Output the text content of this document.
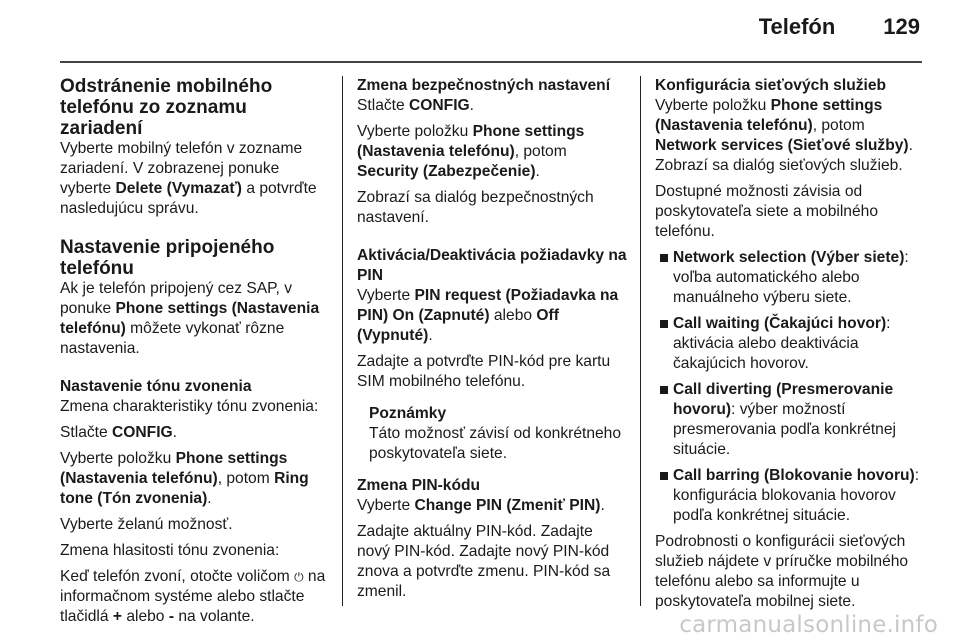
Telefón 129
Odstránenie mobilného telefónu zo zoznamu zariadení

Vyberte mobilný telefón v zozname zariadení. V zobrazenej ponuke vyberte Delete (Vymazať) a potvrďte nasledujúcu správu.

Nastavenie pripojeného telefónu

Ak je telefón pripojený cez SAP, v ponuke Phone settings (Nastavenia telefónu) môžete vykonať rôzne nastavenia.

Nastavenie tónu zvonenia

Zmena charakteristiky tónu zvonenia:

Stlačte CONFIG.

Vyberte položku Phone settings (Nastavenia telefónu), potom Ring tone (Tón zvonenia).

Vyberte želanú možnosť.

Zmena hlasitosti tónu zvonenia:

Keď telefón zvoní, otočte voličom ⏻ na informačnom systéme alebo stlačte tlačidlá + alebo - na volante.

Zmena bezpečnostných nastavení

Stlačte CONFIG.

Vyberte položku Phone settings (Nastavenia telefónu), potom Security (Zabezpečenie).

Zobrazí sa dialóg bezpečnostných nastavení.

Aktivácia/Deaktivácia požiadavky na PIN

Vyberte PIN request (Požiadavka na PIN) On (Zapnuté) alebo Off (Vypnuté).

Zadajte a potvrďte PIN-kód pre kartu SIM mobilného telefónu.

Poznámky

Táto možnosť závisí od konkrétneho poskytovateľa siete.

Zmena PIN-kódu

Vyberte Change PIN (Zmeniť PIN).

Zadajte aktuálny PIN-kód. Zadajte nový PIN-kód. Zadajte nový PIN-kód znova a potvrďte zmenu. PIN-kód sa zmenil.

Konfigurácia sieťových služieb

Vyberte položku Phone settings (Nastavenia telefónu), potom Network services (Sieťové služby).

Zobrazí sa dialóg sieťových služieb.

Dostupné možnosti závisia od poskytovateľa siete a mobilného telefónu.

Network selection (Výber siete): voľba automatického alebo manuálneho výberu siete.
Call waiting (Čakajúci hovor): aktivácia alebo deaktivácia čakajúcich hovorov.
Call diverting (Presmerovanie hovoru): výber možností presmerovania podľa konkrétnej situácie.
Call barring (Blokovanie hovoru): konfigurácia blokovania hovorov podľa konkrétnej situácie.

Podrobnosti o konfigurácii sieťových služieb nájdete v príručke mobilného telefónu alebo sa informujte u poskytovateľa mobilnej siete.

carmanualsonline.info
